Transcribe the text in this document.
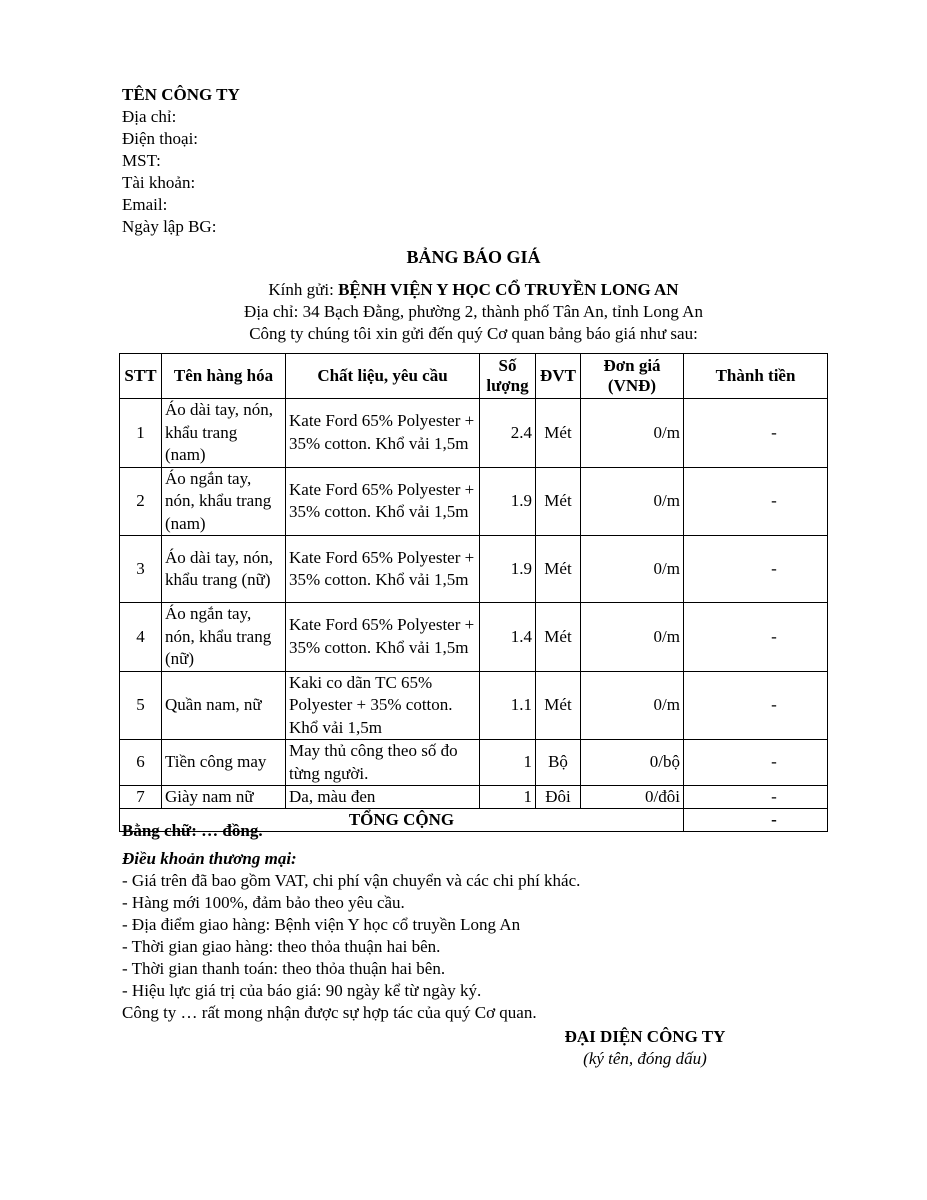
TÊN CÔNG TY
Địa chỉ:
Điện thoại:
MST:
Tài khoản:
Email:
Ngày lập BG:
BẢNG BÁO GIÁ
Kính gửi: BỆNH VIỆN Y HỌC CỔ TRUYỀN LONG AN
Địa chỉ: 34 Bạch Đằng, phường 2, thành phố Tân An, tỉnh Long An
Công ty chúng tôi xin gửi đến quý Cơ quan bảng báo giá như sau:
STT	Tên hàng hóa	Chất liệu, yêu cầu	Số lượng	ĐVT	Đơn giá (VNĐ)	Thành tiền
1	Áo dài tay, nón, khẩu trang (nam)	Kate Ford 65% Polyester + 35% cotton. Khổ vải 1,5m	2.4	Mét	0/m	-
2	Áo ngắn tay, nón, khẩu trang (nam)	Kate Ford 65% Polyester + 35% cotton. Khổ vải 1,5m	1.9	Mét	0/m	-
3	Áo dài tay, nón, khẩu trang (nữ)	Kate Ford 65% Polyester + 35% cotton. Khổ vải 1,5m	1.9	Mét	0/m	-
4	Áo ngắn tay, nón, khẩu trang (nữ)	Kate Ford 65% Polyester + 35% cotton. Khổ vải 1,5m	1.4	Mét	0/m	-
5	Quần nam, nữ	Kaki co dãn TC 65% Polyester + 35% cotton. Khổ vải 1,5m	1.1	Mét	0/m	-
6	Tiền công may	May thủ công theo số đo từng người.	1	Bộ	0/bộ	-
7	Giày nam nữ	Da, màu đen	1	Đôi	0/đôi	-
TỔNG CỘNG						-
Bằng chữ: … đồng.
Điều khoản thương mại:
- Giá trên đã bao gồm VAT, chi phí vận chuyển và các chi phí khác.
- Hàng mới 100%, đảm bảo theo yêu cầu.
- Địa điểm giao hàng: Bệnh viện Y học cổ truyền Long An
- Thời gian giao hàng: theo thỏa thuận hai bên.
- Thời gian thanh toán: theo thỏa thuận hai bên.
- Hiệu lực giá trị của báo giá: 90 ngày kể từ ngày ký.
Công ty … rất mong nhận được sự hợp tác của quý Cơ quan.
ĐẠI DIỆN CÔNG TY
(ký tên, đóng dấu)
